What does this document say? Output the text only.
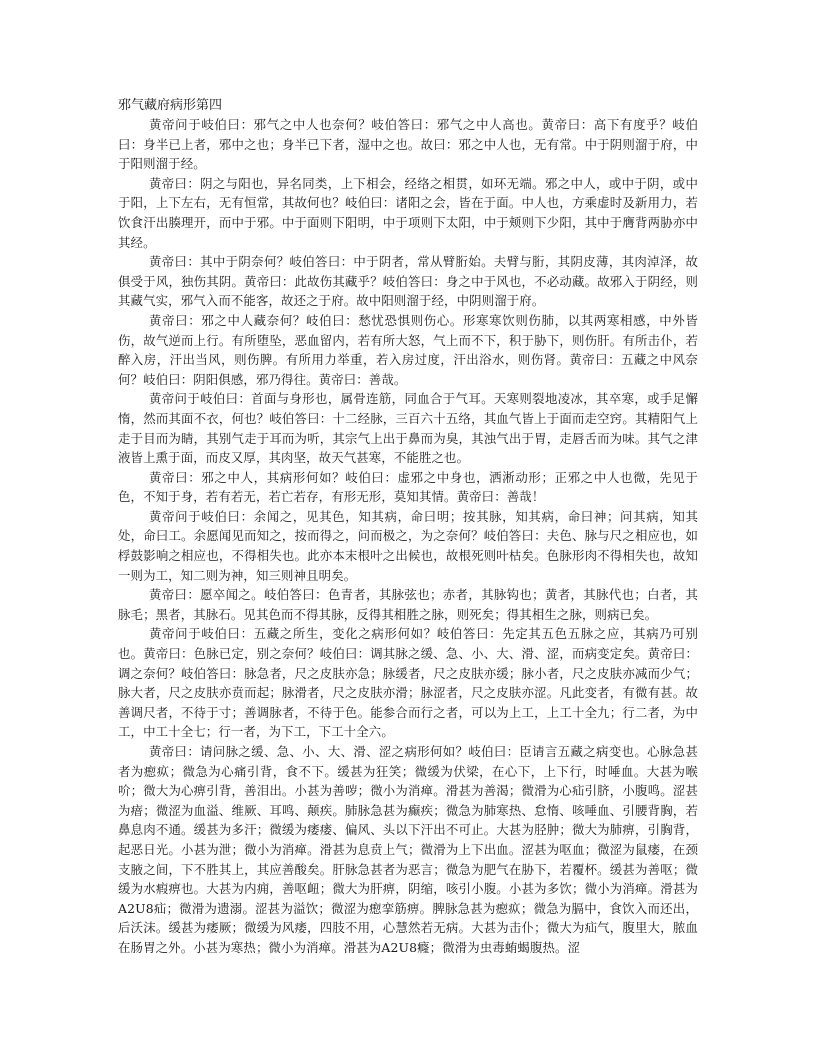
邪气藏府病形第四

黄帝问于岐伯曰：邪气之中人也奈何？岐伯答曰：邪气之中人高也。黄帝曰：高下有度乎？岐伯曰：身半已上者，邪中之也；身半已下者，湿中之也。故曰：邪之中人也，无有常。中于阴则溜于府，中于阳则溜于经。

黄帝曰：阴之与阳也，异名同类，上下相会，经络之相贯，如环无端。邪之中人，或中于阴，或中于阳，上下左右，无有恒常，其故何也？岐伯曰：诸阳之会，皆在于面。中人也，方乘虚时及新用力，若饮食汗出腠理开，而中于邪。中于面则下阳明，中于项则下太阳，中于颊则下少阳，其中于膺背两胁亦中其经。

黄帝曰：其中于阴奈何？岐伯答曰：中于阴者，常从臂胻始。夫臂与胻，其阴皮薄，其肉淖泽，故俱受于风，独伤其阴。黄帝曰：此故伤其藏乎？岐伯答曰：身之中于风也，不必动藏。故邪入于阴经，则其藏气实，邪气入而不能客，故还之于府。故中阳则溜于经，中阴则溜于府。

黄帝曰：邪之中人藏奈何？岐伯曰：愁忧恐惧则伤心。形寒寒饮则伤肺，以其两寒相感，中外皆伤，故气逆而上行。有所堕坠，恶血留内，若有所大怒，气上而不下，积于胁下，则伤肝。有所击仆，若醉入房，汗出当风，则伤脾。有所用力举重，若入房过度，汗出浴水，则伤肾。黄帝曰：五藏之中风奈何？岐伯曰：阴阳俱感，邪乃得往。黄帝曰：善哉。

黄帝问于岐伯曰：首面与身形也，属骨连筋，同血合于气耳。天寒则裂地凌冰，其卒寒，或手足懈惰，然而其面不衣，何也？岐伯答曰：十二经脉，三百六十五络，其血气皆上于面而走空窍。其精阳气上走于目而为睛，其别气走于耳而为听，其宗气上出于鼻而为臭，其浊气出于胃，走唇舌而为味。其气之津液皆上熏于面，而皮又厚，其肉坚，故天气甚寒，不能胜之也。

黄帝曰：邪之中人，其病形何如？岐伯曰：虚邪之中身也，洒淅动形；正邪之中人也微，先见于色，不知于身，若有若无，若亡若存，有形无形，莫知其情。黄帝曰：善哉！

黄帝问于岐伯曰：余闻之，见其色，知其病，命曰明；按其脉，知其病，命曰神；问其病，知其处，命曰工。余愿闻见而知之，按而得之，问而极之，为之奈何？岐伯答曰：夫色、脉与尺之相应也，如桴鼓影响之相应也，不得相失也。此亦本末根叶之出候也，故根死则叶枯矣。色脉形肉不得相失也，故知一则为工，知二则为神，知三则神且明矣。

黄帝曰：愿卒闻之。岐伯答曰：色青者，其脉弦也；赤者，其脉钩也；黄者，其脉代也；白者，其脉毛；黑者，其脉石。见其色而不得其脉，反得其相胜之脉，则死矣；得其相生之脉，则病已矣。

黄帝问于岐伯曰：五藏之所生，变化之病形何如？岐伯答曰：先定其五色五脉之应，其病乃可别也。黄帝曰：色脉已定，别之奈何？岐伯曰：调其脉之缓、急、小、大、滑、涩，而病变定矣。黄帝曰：调之奈何？岐伯答曰：脉急者，尺之皮肤亦急；脉缓者，尺之皮肤亦缓；脉小者，尺之皮肤亦减而少气；脉大者，尺之皮肤亦贲而起；脉滑者，尺之皮肤亦滑；脉涩者，尺之皮肤亦涩。凡此变者，有微有甚。故善调尺者，不待于寸；善调脉者，不待于色。能参合而行之者，可以为上工，上工十全九；行二者，为中工，中工十全七；行一者，为下工，下工十全六。

黄帝曰：请问脉之缓、急、小、大、滑、涩之病形何如？岐伯曰：臣请言五藏之病变也。心脉急甚者为瘛疭；微急为心痛引背，食不下。缓甚为狂笑；微缓为伏梁，在心下，上下行，时唾血。大甚为喉吤；微大为心痹引背，善泪出。小甚为善哕；微小为消瘅。滑甚为善渴；微滑为心疝引脐，小腹鸣。涩甚为瘖；微涩为血溢、维厥、耳鸣、颠疾。肺脉急甚为癫疾；微急为肺寒热、怠惰、咳唾血、引腰背胸，若鼻息肉不通。缓甚为多汗；微缓为痿瘘、偏风、头以下汗出不可止。大甚为胫肿；微大为肺痹，引胸背，起恶日光。小甚为泄；微小为消瘅。滑甚为息贲上气；微滑为上下出血。涩甚为呕血；微涩为鼠瘘，在颈支腋之间，下不胜其上，其应善酸矣。肝脉急甚者为恶言；微急为肥气在胁下，若覆杯。缓甚为善呕；微缓为水瘕痹也。大甚为内痈，善呕衄；微大为肝痹，阴缩，咳引小腹。小甚为多饮；微小为消瘅。滑甚为A2U8疝；微滑为遗溺。涩甚为溢饮；微涩为瘛挛筋痹。脾脉急甚为瘛疭；微急为膈中，食饮入而还出，后沃沫。缓甚为痿厥；微缓为风痿，四肢不用，心慧然若无病。大甚为击仆；微大为疝气，腹里大，脓血在肠胃之外。小甚为寒热；微小为消瘅。滑甚为A2U8癃；微滑为虫毒蛕蝎腹热。涩
